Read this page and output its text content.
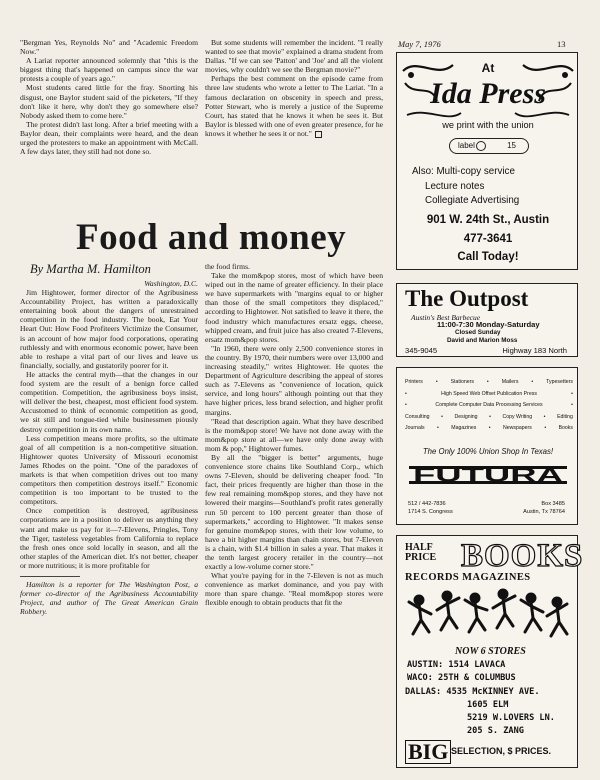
"Bergman Yes, Reynolds No" and "Academic Freedom Now."

A Lariat reporter announced solemnly that "this is the biggest thing that's happened on campus since the war protests a couple of years ago."

Most students cared little for the fray. Snorting his disgust, one Baylor student said of the picketers, "If they don't like it here, why don't they go somewhere else? Nobody asked them to come here."

The protest didn't last long. After a brief meeting with a Baylor dean, their complaints were heard, and the dean urged the protesters to make an appointment with McCall. A few days later, they still had not done so.

But some students will remember the incident. "I really wanted to see that movie" explained a drama student from Dallas. "If we can see 'Patton' and 'Joe' and all the violent movies, why couldn't we see the Bergman movie?"

Perhaps the best comment on the episode came from three law students who wrote a letter to The Lariat. "In a famous declaration on obscenity in speech and press, Potter Stewart, who is merely a justice of the Supreme Court, has stated that he knows it when he sees it. But Baylor is blessed with one of even greater presence, for he knows it whether he sees it or not."

Food and money
By Martha M. Hamilton

Washington, D.C.

Jim Hightower, former director of the Agribusiness Accountability Project, has written a paradoxically entertaining book about the dangers of unrestrained competition in the food industry. The book, Eat Your Heart Out: How Food Profiteers Victimize the Consumer, is an account of how major food corporations, operating ruthlessly and with enormous economic power, have been able to reshape a vital part of our lives and leave us financially, socially, and gustatorily poorer for it.

He attacks the central myth—that the changes in our food system are the result of a benign force called competition. Competition, the agribusiness boys insist, will deliver the best, cheapest, most efficient food system. Accustomed to think of economic competition as good, we sit still and tongue-tied while businessmen piously destroy competition in its own name.

Less competition means more profits, so the ultimate goal of all competition is a non-competitive situation. Hightower quotes University of Missouri economist James Rhodes on the point. "One of the paradoxes of markets is that when competition drives out too many competitors then competition destroys itself." Economic competition is too important to be trusted to the competitors.

Once competition is destroyed, agribusiness corporations are in a position to deliver us anything they want and make us pay for it—7-Elevens, Pringles, Tony the Tiger, tasteless vegetables from California to replace the fresh ones once sold locally in season, and all the other staples of the American diet. It's not better, cheaper or more nutritious; it is more profitable for

Hamilton is a reporter for The Washington Post, a former co-director of the Agribusiness Accountability Project, and author of The Great American Grain Robbery.

the food firms.

Take the mom&pop stores, most of which have been wiped out in the name of greater efficiency. In their place we have supermarkets with "margins equal to or higher than those of the small competitors they displaced," according to Hightower. Not satisfied to leave it there, the food industry which manufactures ersatz eggs, cheese, whipped cream, and fruit juice has also created 7-Elevens, ersatz mom&pop stores.

"In 1960, there were only 2,500 convenience stores in the country. By 1970, their numbers were over 13,000 and increasing steadily," writes Hightower. He quotes the Department of Agriculture describing the appeal of stores such as 7-Elevens as "convenience of location, quick service, and long hours" although pointing out that they have higher prices, less brand selection, and higher profit margins.

"Read that description again. What they have described is the mom&pop store! We have not done away with the mom&pop store at all—we have only done away with mom & pop," Hightower fumes.

By all the "bigger is better" arguments, huge convenience store chains like Southland Corp., which owns 7-Eleven, should be delivering cheaper food. "In fact, their prices frequently are higher than those in the few real remaining mom&pop stores, and they have not lowered their margins—Southland's profit rates generally run 50 percent to 100 percent greater than those of supermarkets," according to Hightower. "It makes sense for genuine mom&pop stores, with their low volume, to have a bit higher margins than chain stores, but 7-Eleven is a chain, with $1.4 billion in sales a year. That makes it the tenth largest grocery retailer in the country—not exactly a low-volume corner store."

What you're paying for in the 7-Eleven is not as much convenience as market dominance, and you pay with more than spare change. "Real mom&pop stores were flexible enough to obtain products that fit the

May 7, 1976	13
At
Ida Press
we print with the union
label	15
Also: Multi-copy service
Lecture notes
Collegiate Advertising
901 W. 24th St., Austin
477-3641
Call Today!
The Outpost
Austin's Best Barbecue
11:00-7:30 Monday-Saturday
Closed Sunday
David and Marion Moss
345-9045	Highway 183 North
Printers • Stationers • Mailers • Typesetters
•	High Speed Web Offset Publication Press	•
•	Complete Computer Data Processing Services	•
Consulting • Designing • Copy Writing • Editing
Journals • Magazines • Newspapers • Books
The Only 100% Union Shop In Texas!
FUTURA
512 / 442-7836
1714 S. Congress
Box 3485
Austin, Tx 78764
HALF
PRICE BOOKS
RECORDS MAGAZINES
NOW 6 STORES
AUSTIN: 1514 LAVACA
WACO: 25TH & COLUMBUS
DALLAS: 4535 McKINNEY AVE.
1605 ELM
5219 W.LOVERS LN.
205 S. ZANG
BIG SELECTION, $ PRICES.
